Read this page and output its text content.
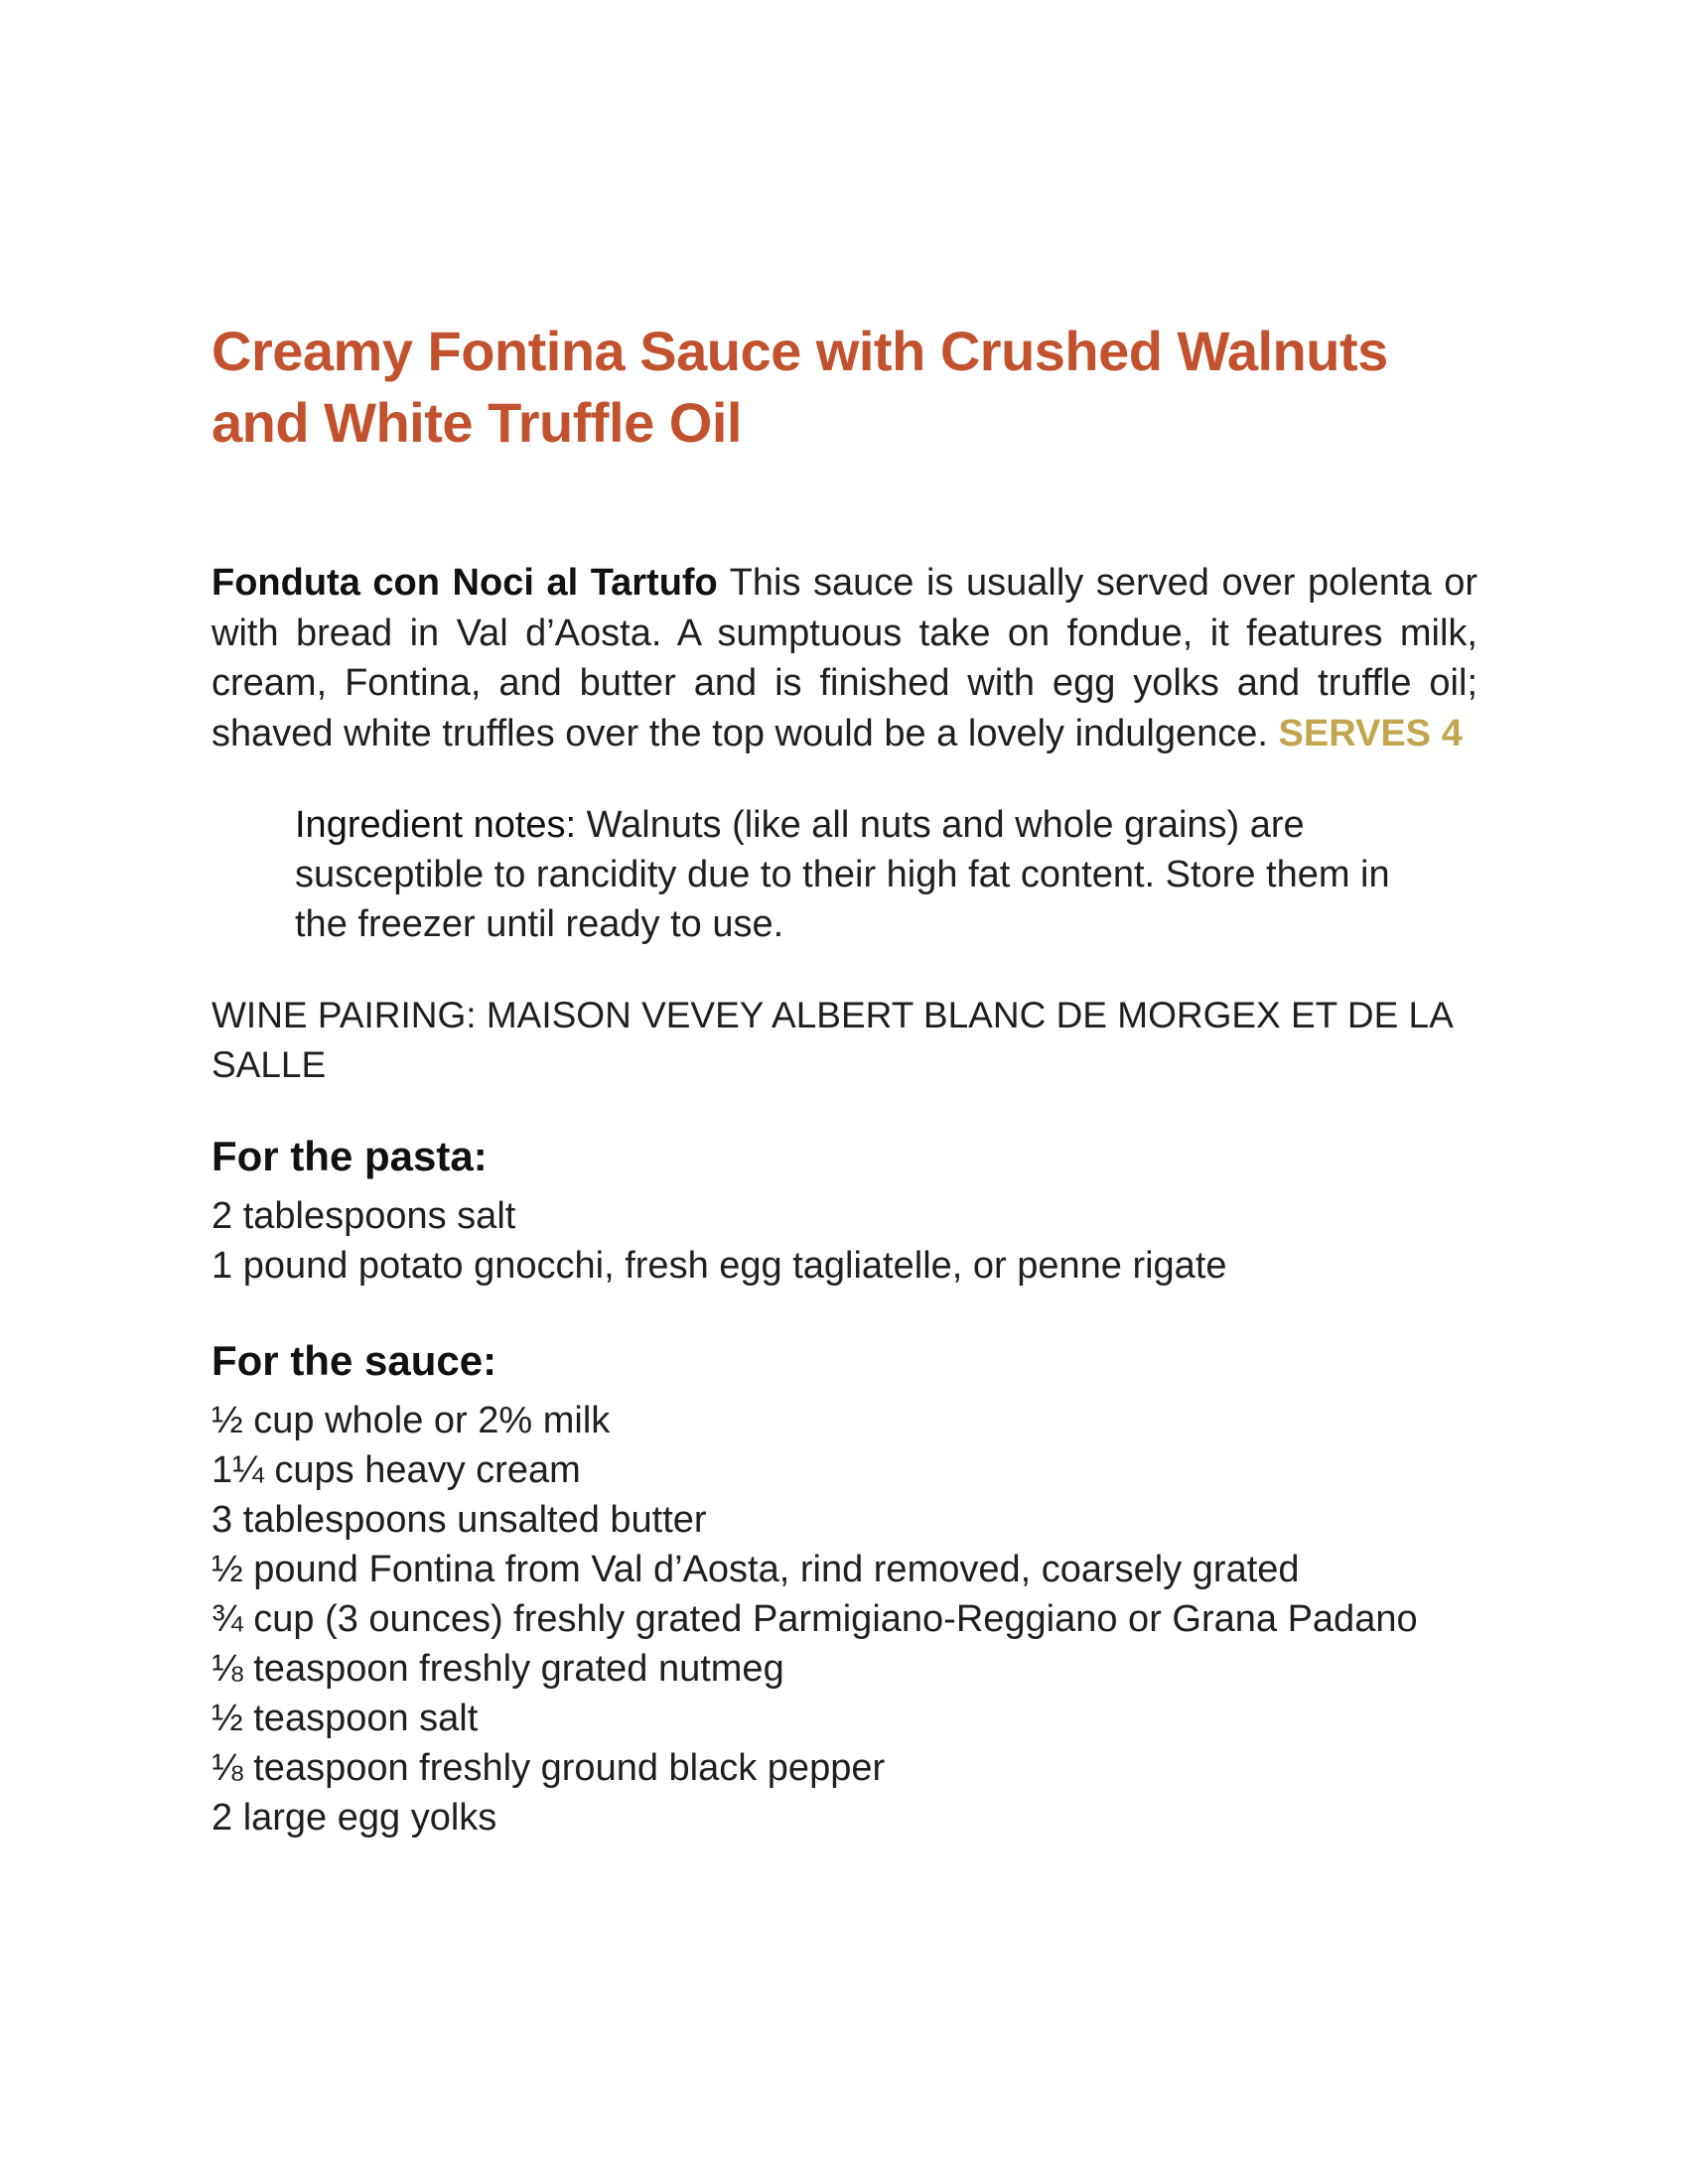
Creamy Fontina Sauce with Crushed Walnuts
and White Truffle Oil

Fonduta con Noci al Tartufo This sauce is usually served over polenta or with bread in Val d’Aosta. A sumptuous take on fondue, it features milk, cream, Fontina, and butter and is finished with egg yolks and truffle oil; shaved white truffles over the top would be a lovely indulgence. SERVES 4

Ingredient notes: Walnuts (like all nuts and whole grains) are susceptible to rancidity due to their high fat content. Store them in the freezer until ready to use.

WINE PAIRING: MAISON VEVEY ALBERT BLANC DE MORGEX ET DE LA SALLE

For the pasta:
2 tablespoons salt
1 pound potato gnocchi, fresh egg tagliatelle, or penne rigate
For the sauce:
½ cup whole or 2% milk
1¼ cups heavy cream
3 tablespoons unsalted butter
½ pound Fontina from Val d’Aosta, rind removed, coarsely grated
¾ cup (3 ounces) freshly grated Parmigiano-Reggiano or Grana Padano
⅛ teaspoon freshly grated nutmeg
½ teaspoon salt
⅛ teaspoon freshly ground black pepper
2 large egg yolks
